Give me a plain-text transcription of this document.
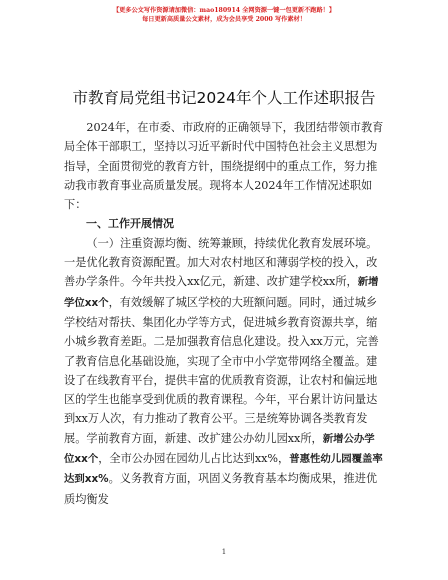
【更多公文写作资源请加微信：mao180914 全网资源一键一包更新不跑路！】
每日更新高质量公文素材，成为会员享受 2000 写作素材！
市教育局党组书记2024年个人工作述职报告

2024年，在市委、市政府的正确领导下，我团结带领市教育局全体干部职工，坚持以习近平新时代中国特色社会主义思想为指导，全面贯彻党的教育方针，围绕提纲中的重点工作，努力推动我市教育事业高质量发展。现将本人2024年工作情况述职如下：

一、工作开展情况

（一）注重资源均衡、统筹兼顾，持续优化教育发展环境。一是优化教育资源配置。加大对农村地区和薄弱学校的投入，改善办学条件。今年共投入xx亿元，新建、改扩建学校xx所，新增学位xx个，有效缓解了城区学校的大班额问题。同时，通过城乡学校结对帮扶、集团化办学等方式，促进城乡教育资源共享，缩小城乡教育差距。二是加强教育信息化建设。投入xx万元，完善了教育信息化基础设施，实现了全市中小学宽带网络全覆盖。建设了在线教育平台，提供丰富的优质教育资源，让农村和偏远地区的学生也能享受到优质的教育课程。今年，平台累计访问量达到xx万人次，有力推动了教育公平。三是统筹协调各类教育发展。学前教育方面，新建、改扩建公办幼儿园xx所，新增公办学位xx个，全市公办园在园幼儿占比达到xx%，普惠性幼儿园覆盖率达到xx%。义务教育方面，巩固义务教育基本均衡成果，推进优质均衡发

1
